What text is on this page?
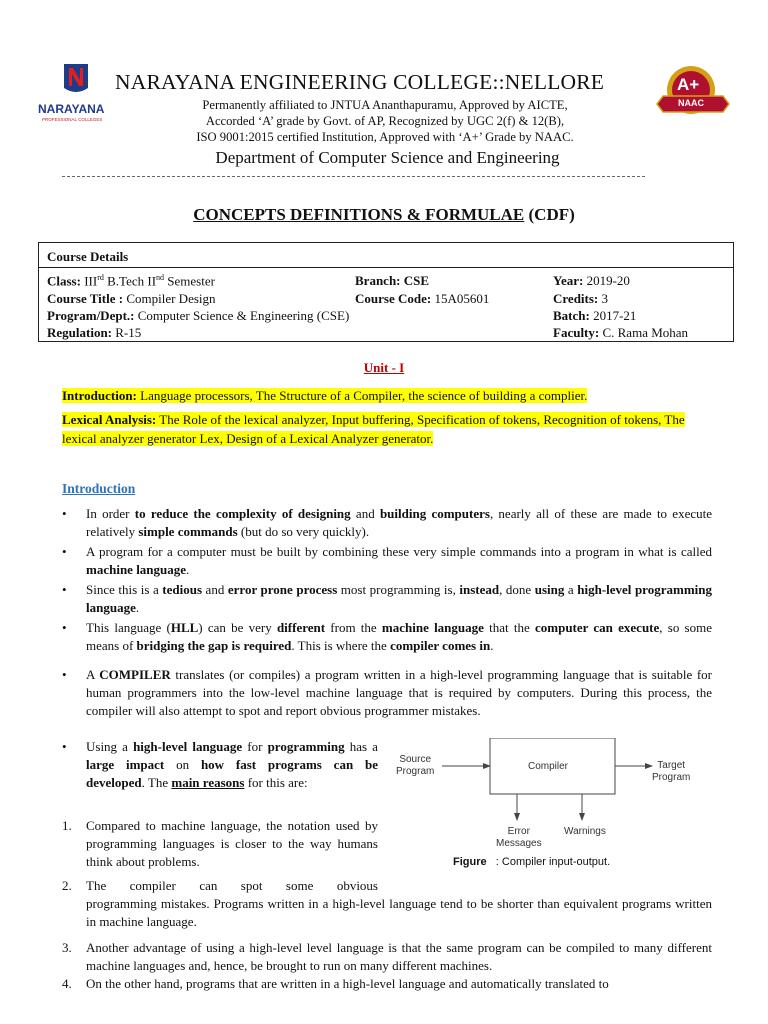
NARAYANA
PROFESSIONAL COLLEGES
NARAYANA ENGINEERING COLLEGE::NELLORE
Permanently affiliated to JNTUA Ananthapuramu, Approved by AICTE,
Accorded ‘A’ grade by Govt. of AP, Recognized by UGC 2(f) & 12(B),
ISO 9001:2015 certified Institution, Approved with ‘A+’ Grade by NAAC.
Department of Computer Science and Engineering
A+
NAAC
CONCEPTS DEFINITIONS & FORMULAE (CDF)
Course Details
Class: IIIrd B.Tech IInd Semester	Branch: CSE	Year: 2019-20
Course Title : Compiler Design	Course Code: 15A05601	Credits: 3
Program/Dept.: Computer Science & Engineering (CSE)	Batch: 2017-21
Regulation: R-15	Faculty: C. Rama Mohan
Unit - I
Introduction: Language processors, The Structure of a Compiler, the science of building a complier.
Lexical Analysis: The Role of the lexical analyzer, Input buffering, Specification of tokens, Recognition of tokens, The lexical analyzer generator Lex, Design of a Lexical Analyzer generator.
Introduction
• In order to reduce the complexity of designing and building computers, nearly all of these are made to execute relatively simple commands (but do so very quickly).
• A program for a computer must be built by combining these very simple commands into a program in what is called machine language.
• Since this is a tedious and error prone process most programming is, instead, done using a high-level programming language.
• This language (HLL) can be very different from the machine language that the computer can execute, so some means of bridging the gap is required. This is where the compiler comes in.
• A COMPILER translates (or compiles) a program written in a high-level programming language that is suitable for human programmers into the low-level machine language that is required by computers. During this process, the compiler will also attempt to spot and report obvious programmer mistakes.
• Using a high-level language for programming has a large impact on how fast programs can be developed. The main reasons for this are:
1. Compared to machine language, the notation used by programming languages is closer to the way humans think about problems.
2. The compiler can spot some obvious
programming mistakes. Programs written in a high-level language tend to be shorter than equivalent programs written in machine language.
3. Another advantage of using a high-level level language is that the same program can be compiled to many different machine languages and, hence, be brought to run on many different machines.
4. On the other hand, programs that are written in a high-level language and automatically translated to
Source
Program	Compiler	Target
Program
Error
Messages
Warnings
Figure : Compiler input-output.
